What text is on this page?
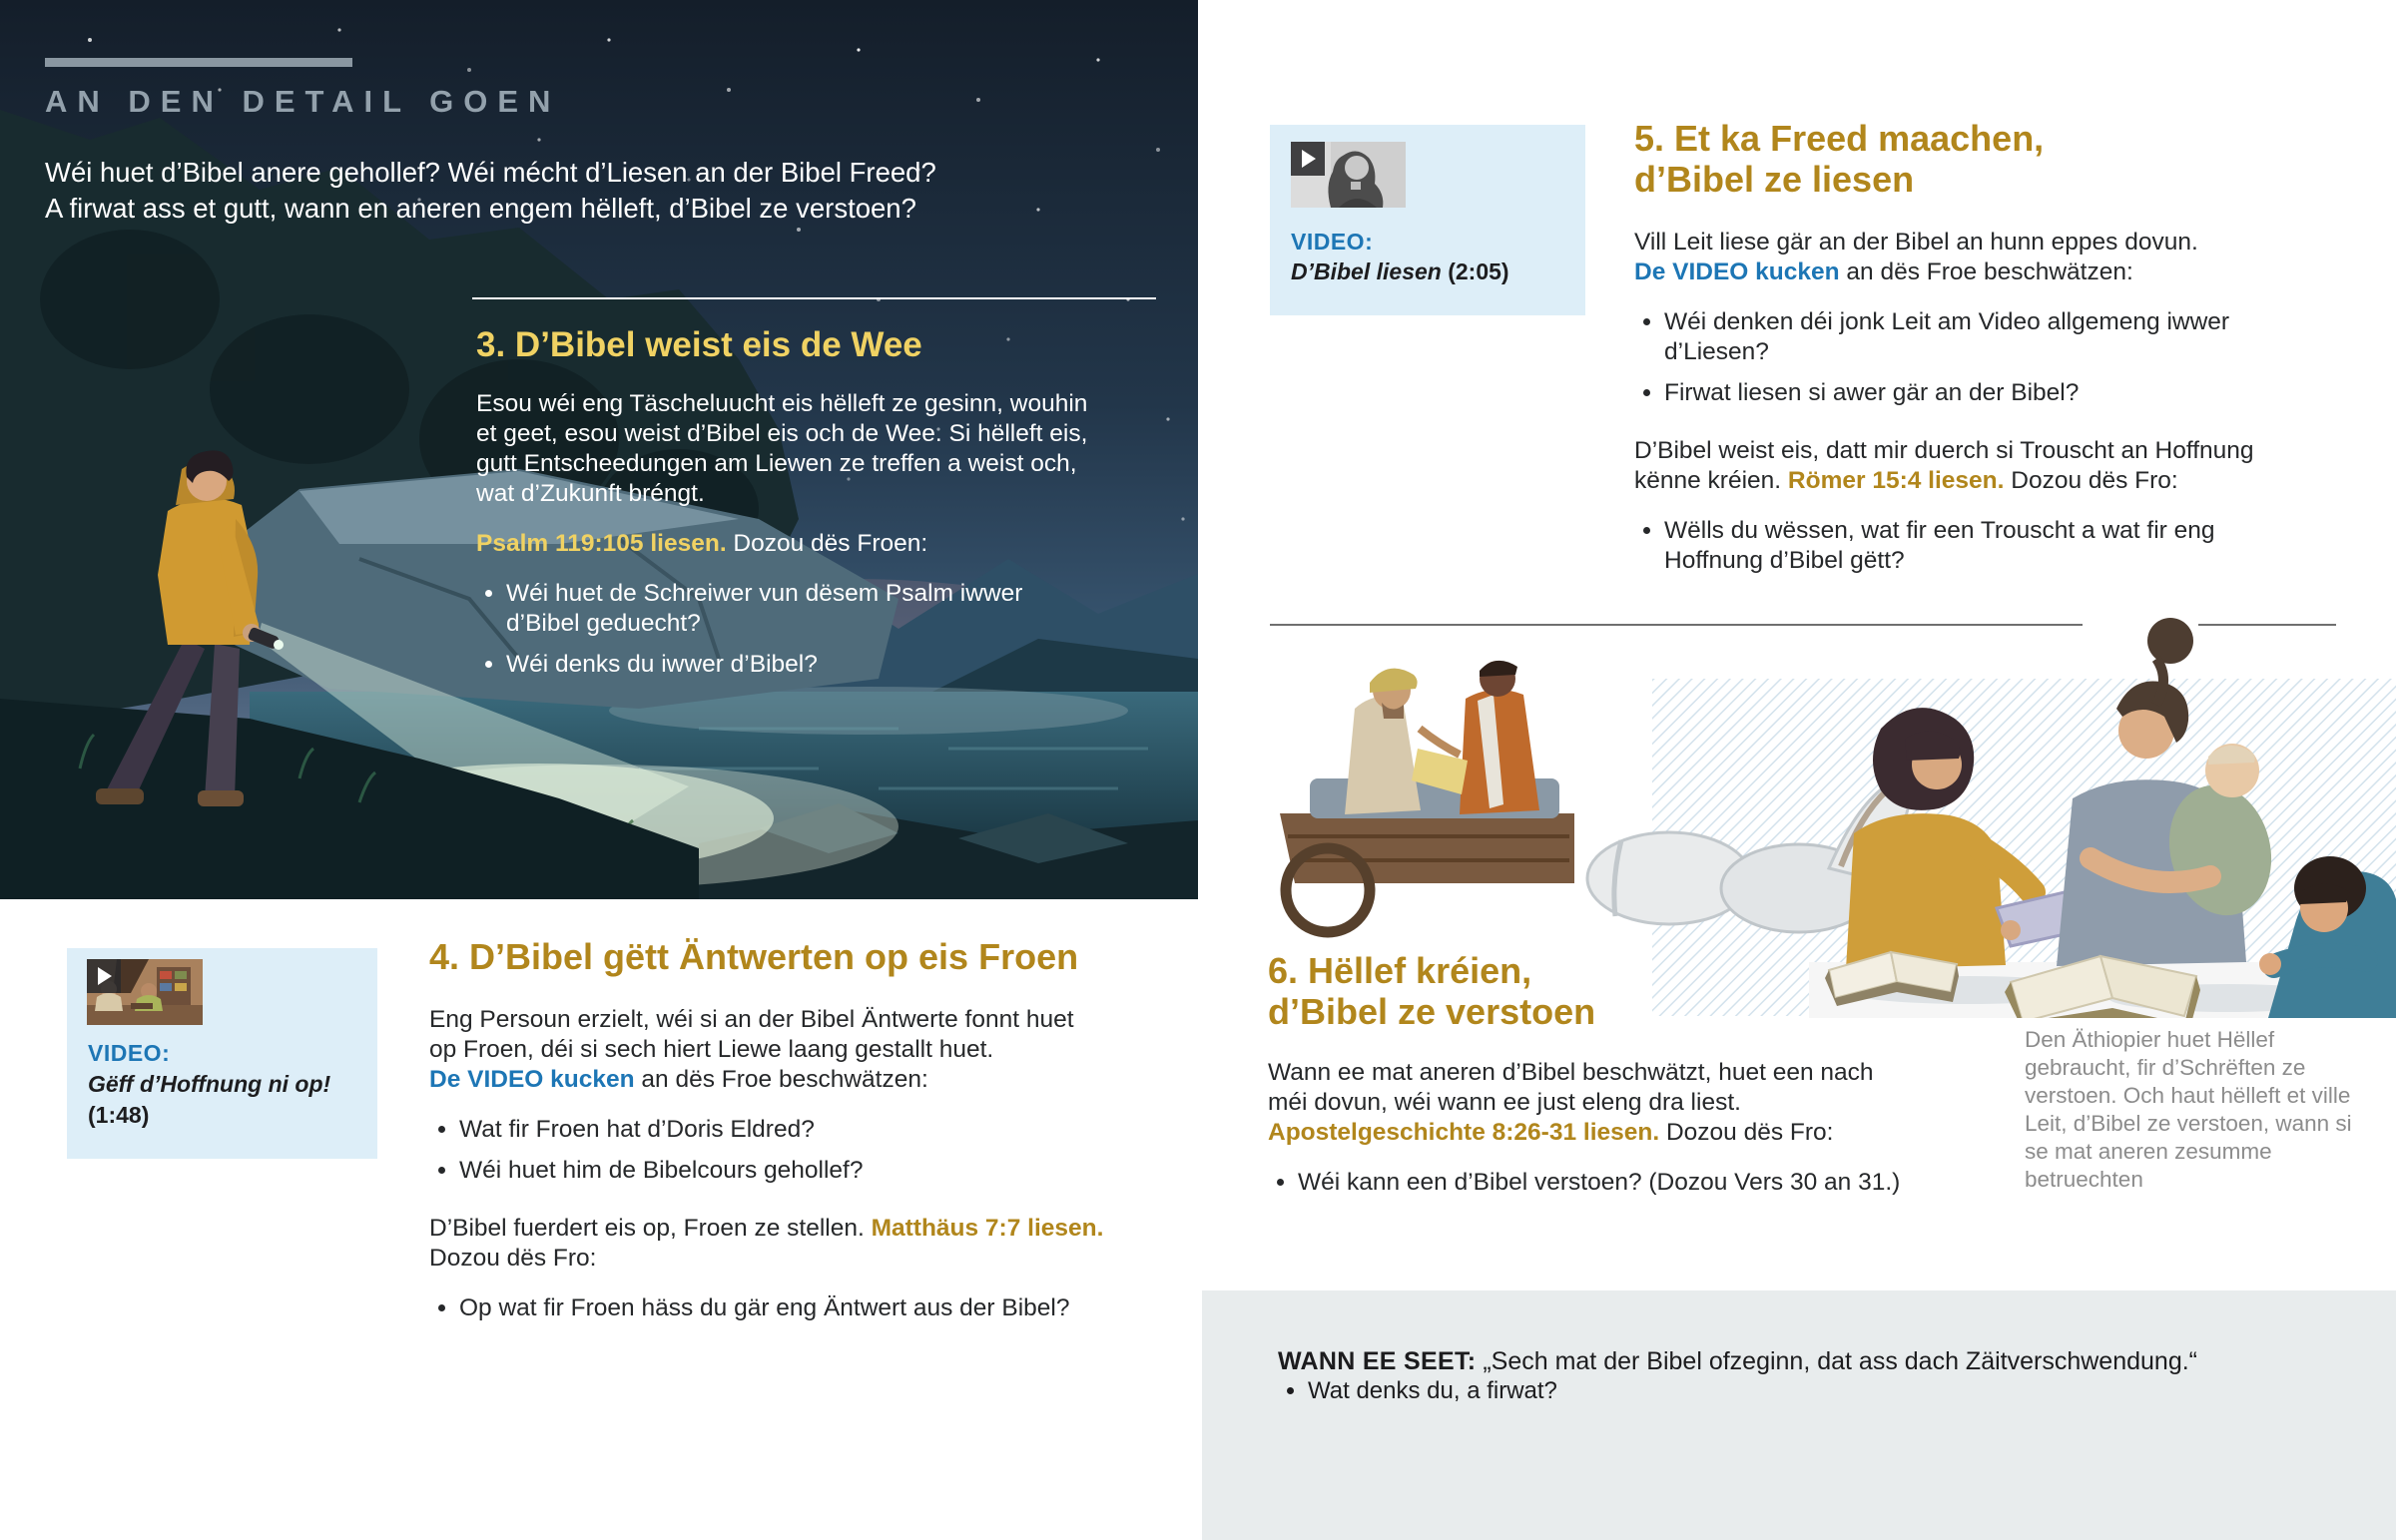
AN DEN DETAIL GOEN
Wéi huet d’Bibel anere gehollef? Wéi mécht d’Liesen an der Bibel Freed?
A firwat ass et gutt, wann en aneren engem hëlleft, d’Bibel ze verstoen?
3. D’Bibel weist eis de Wee

Esou wéi eng Täscheluucht eis hëlleft ze gesinn, wouhin et geet, esou weist d’Bibel eis och de Wee. Si hëlleft eis, gutt Entscheedungen am Liewen ze treffen a weist och, wat d’Zukunft bréngt.

Psalm 119:105 liesen. Dozou dës Froen:

• Wéi huet de Schreiwer vun dësem Psalm iwwer d’Bibel geduecht?
• Wéi denks du iwwer d’Bibel?
VIDEO:
Gëff d’Hoffnung ni op!
(1:48)
4. D’Bibel gëtt Äntwerten op eis Froen

Eng Persoun erzielt, wéi si an der Bibel Äntwerte fonnt huet op Froen, déi si sech hiert Liewe laang gestallt huet.
De VIDEO kucken an dës Froe beschwätzen:

• Wat fir Froen hat d’Doris Eldred?
• Wéi huet him de Bibelcours gehollef?

D’Bibel fuerdert eis op, Froen ze stellen. Matthäus 7:7 liesen. Dozou dës Fro:

• Op wat fir Froen häss du gär eng Äntwert aus der Bibel?
VIDEO:
D’Bibel liesen (2:05)
5. Et ka Freed maachen,
d’Bibel ze liesen

Vill Leit liese gär an der Bibel an hunn eppes dovun.
De VIDEO kucken an dës Froe beschwätzen:

• Wéi denken déi jonk Leit am Video allgemeng iwwer d’Liesen?
• Firwat liesen si awer gär an der Bibel?

D’Bibel weist eis, datt mir duerch si Trouscht an Hoffnung kënne kréien. Römer 15:4 liesen. Dozou dës Fro:

• Wëlls du wëssen, wat fir een Trouscht a wat fir eng Hoffnung d’Bibel gëtt?
6. Hëllef kréien,
d’Bibel ze verstoen

Wann ee mat aneren d’Bibel beschwätzt, huet een nach méi dovun, wéi wann ee just eleng dra liest. Apostelgeschichte 8:26-31 liesen. Dozou dës Fro:

• Wéi kann een d’Bibel verstoen? (Dozou Vers 30 an 31.)
Den Äthiopier huet Hëllef gebraucht, fir d’Schrëften ze verstoen. Och haut hëlleft et ville Leit, d’Bibel ze verstoen, wann si se mat aneren zesumme betruechten

WANN EE SEET: „Sech mat der Bibel ofzeginn, dat ass dach Zäitverschwendung.“

• Wat denks du, a firwat?
